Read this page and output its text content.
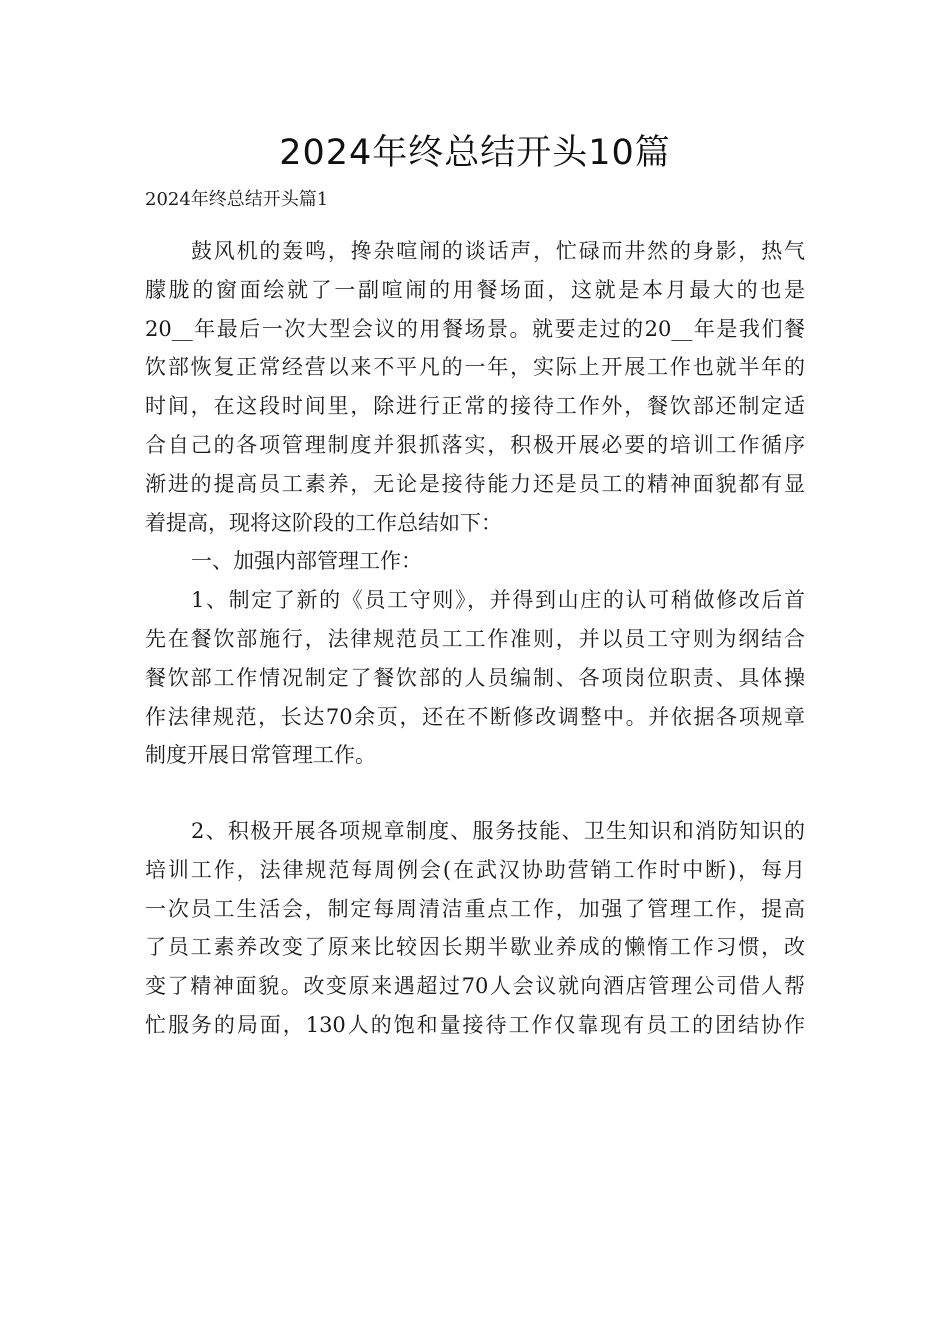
2024年终总结开头10篇
2024年终总结开头篇1
鼓风机的轰鸣，搀杂喧闹的谈话声，忙碌而井然的身影，热气
朦胧的窗面绘就了一副喧闹的用餐场面，这就是本月最大的也是
20__年最后一次大型会议的用餐场景。就要走过的20__年是我们餐
饮部恢复正常经营以来不平凡的一年，实际上开展工作也就半年的
时间，在这段时间里，除进行正常的接待工作外，餐饮部还制定适
合自己的各项管理制度并狠抓落实，积极开展必要的培训工作循序
渐进的提高员工素养，无论是接待能力还是员工的精神面貌都有显
着提高，现将这阶段的工作总结如下：
一、加强内部管理工作：
1、制定了新的《员工守则》，并得到山庄的认可稍做修改后首
先在餐饮部施行，法律规范员工工作准则，并以员工守则为纲结合
餐饮部工作情况制定了餐饮部的人员编制、各项岗位职责、具体操
作法律规范，长达70余页，还在不断修改调整中。并依据各项规章
制度开展日常管理工作。
2、积极开展各项规章制度、服务技能、卫生知识和消防知识的
培训工作，法律规范每周例会(在武汉协助营销工作时中断)，每月
一次员工生活会，制定每周清洁重点工作，加强了管理工作，提高
了员工素养改变了原来比较因长期半歇业养成的懒惰工作习惯，改
变了精神面貌。改变原来遇超过70人会议就向酒店管理公司借人帮
忙服务的局面，130人的饱和量接待工作仅靠现有员工的团结协作
